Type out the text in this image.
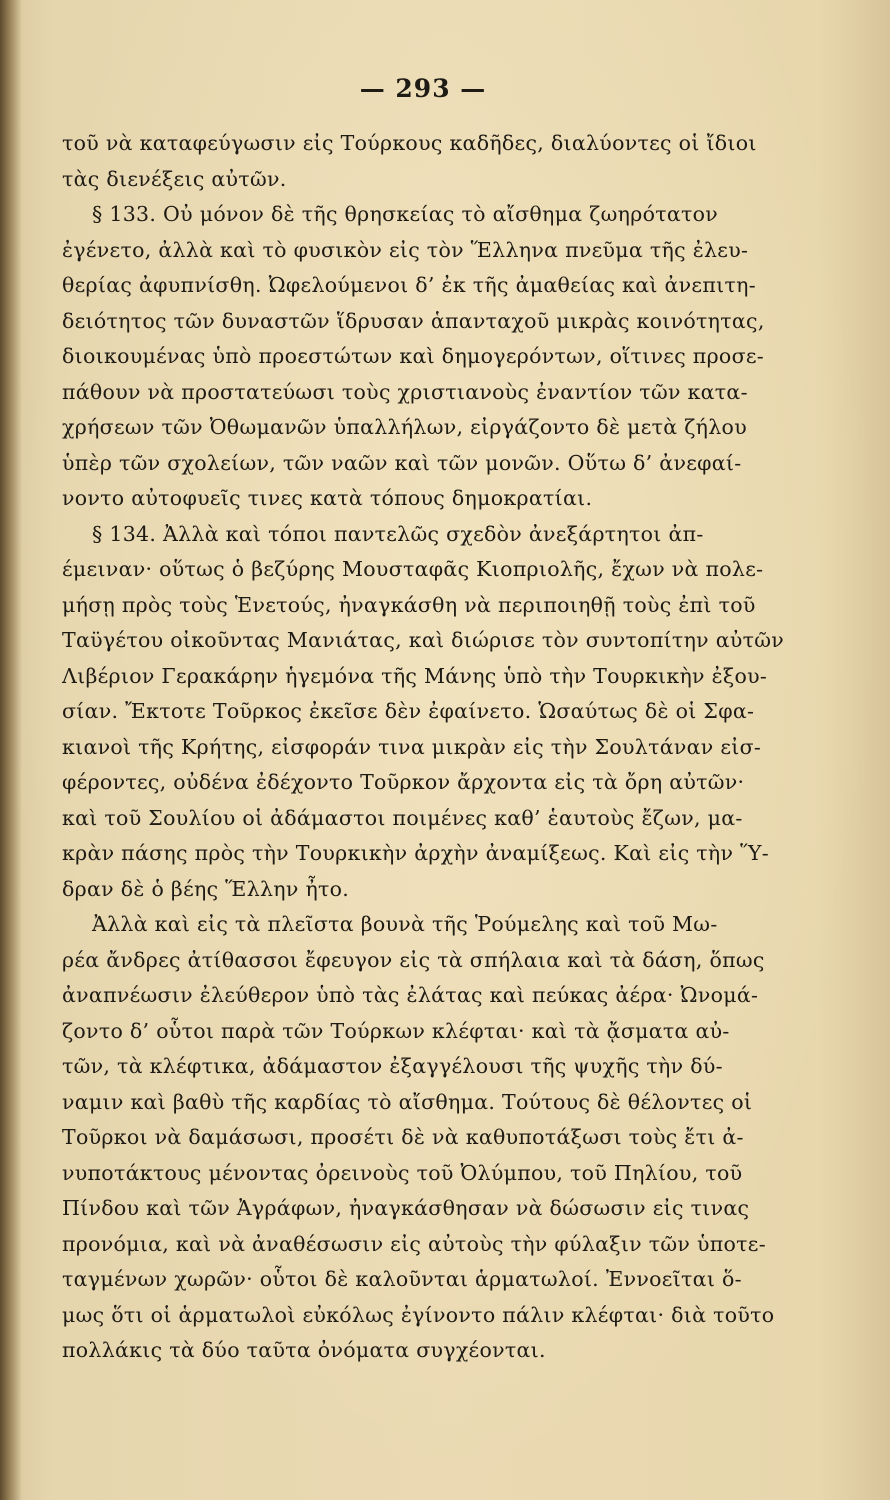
— 293 —
τοῦ νὰ καταφεύγωσιν εἰς Τούρκους καδῆδες, διαλύοντες οἱ ἴδιοι
τὰς διενέξεις αὐτῶν.
§ 133. Οὐ μόνον δὲ τῆς θρησκείας τὸ αἴσθημα ζωηρότατον
ἐγένετο, ἀλλὰ καὶ τὸ φυσικὸν εἰς τὸν Ἕλληνα πνεῦμα τῆς ἐλευ-
θερίας ἀφυπνίσθη. Ὠφελούμενοι δ’ ἐκ τῆς ἀμαθείας καὶ ἀνεπιτη-
δειότητος τῶν δυναστῶν ἵδρυσαν ἁπανταχοῦ μικρὰς κοινότητας,
διοικουμένας ὑπὸ προεστώτων καὶ δημογερόντων, οἵτινες προσε-
πάθουν νὰ προστατεύωσι τοὺς χριστιανοὺς ἐναντίον τῶν κατα-
χρήσεων τῶν Ὀθωμανῶν ὑπαλλήλων, εἰργάζοντο δὲ μετὰ ζήλου
ὑπὲρ τῶν σχολείων, τῶν ναῶν καὶ τῶν μονῶν. Οὕτω δ’ ἀνεφαί-
νοντο αὐτοφυεῖς τινες κατὰ τόπους δημοκρατίαι.
§ 134. Ἀλλὰ καὶ τόποι παντελῶς σχεδὸν ἀνεξάρτητοι ἀπ-
έμειναν· οὕτως ὁ βεζύρης Μουσταφᾶς Κιοπριολῆς, ἔχων νὰ πολε-
μήσῃ πρὸς τοὺς Ἑνετούς, ἠναγκάσθη νὰ περιποιηθῇ τοὺς ἐπὶ τοῦ
Ταϋγέτου οἰκοῦντας Μανιάτας, καὶ διώρισε τὸν συντοπίτην αὐτῶν
Λιβέριον Γερακάρην ἡγεμόνα τῆς Μάνης ὑπὸ τὴν Τουρκικὴν ἐξου-
σίαν. Ἔκτοτε Τοῦρκος ἐκεῖσε δὲν ἐφαίνετο. Ὡσαύτως δὲ οἱ Σφα-
κιανοὶ τῆς Κρήτης, εἰσφοράν τινα μικρὰν εἰς τὴν Σουλτάναν εἰσ-
φέροντες, οὐδένα ἐδέχοντο Τοῦρκον ἄρχοντα εἰς τὰ ὄρη αὐτῶν·
καὶ τοῦ Σουλίου οἱ ἀδάμαστοι ποιμένες καθ’ ἑαυτοὺς ἔζων, μα-
κρὰν πάσης πρὸς τὴν Τουρκικὴν ἀρχὴν ἀναμίξεως. Καὶ εἰς τὴν Ὕ-
δραν δὲ ὁ βέης Ἕλλην ἦτο.
Ἀλλὰ καὶ εἰς τὰ πλεῖστα βουνὰ τῆς Ῥούμελης καὶ τοῦ Μω-
ρέα ἄνδρες ἀτίθασσοι ἔφευγον εἰς τὰ σπήλαια καὶ τὰ δάση, ὅπως
ἀναπνέωσιν ἐλεύθερον ὑπὸ τὰς ἐλάτας καὶ πεύκας ἀέρα· Ὠνομά-
ζοντο δ’ οὗτοι παρὰ τῶν Τούρκων κλέφται· καὶ τὰ ᾄσματα αὐ-
τῶν, τὰ κλέφτικα, ἀδάμαστον ἐξαγγέλουσι τῆς ψυχῆς τὴν δύ-
ναμιν καὶ βαθὺ τῆς καρδίας τὸ αἴσθημα. Τούτους δὲ θέλοντες οἱ
Τοῦρκοι νὰ δαμάσωσι, προσέτι δὲ νὰ καθυποτάξωσι τοὺς ἔτι ἀ-
νυποτάκτους μένοντας ὀρεινοὺς τοῦ Ὀλύμπου, τοῦ Πηλίου, τοῦ
Πίνδου καὶ τῶν Ἀγράφων, ἠναγκάσθησαν νὰ δώσωσιν εἰς τινας
προνόμια, καὶ νὰ ἀναθέσωσιν εἰς αὐτοὺς τὴν φύλαξιν τῶν ὑποτε-
ταγμένων χωρῶν· οὗτοι δὲ καλοῦνται ἁρματωλοί. Ἐννοεῖται ὅ-
μως ὅτι οἱ ἁρματωλοὶ εὐκόλως ἐγίνοντο πάλιν κλέφται· διὰ τοῦτο
πολλάκις τὰ δύο ταῦτα ὀνόματα συγχέονται.
